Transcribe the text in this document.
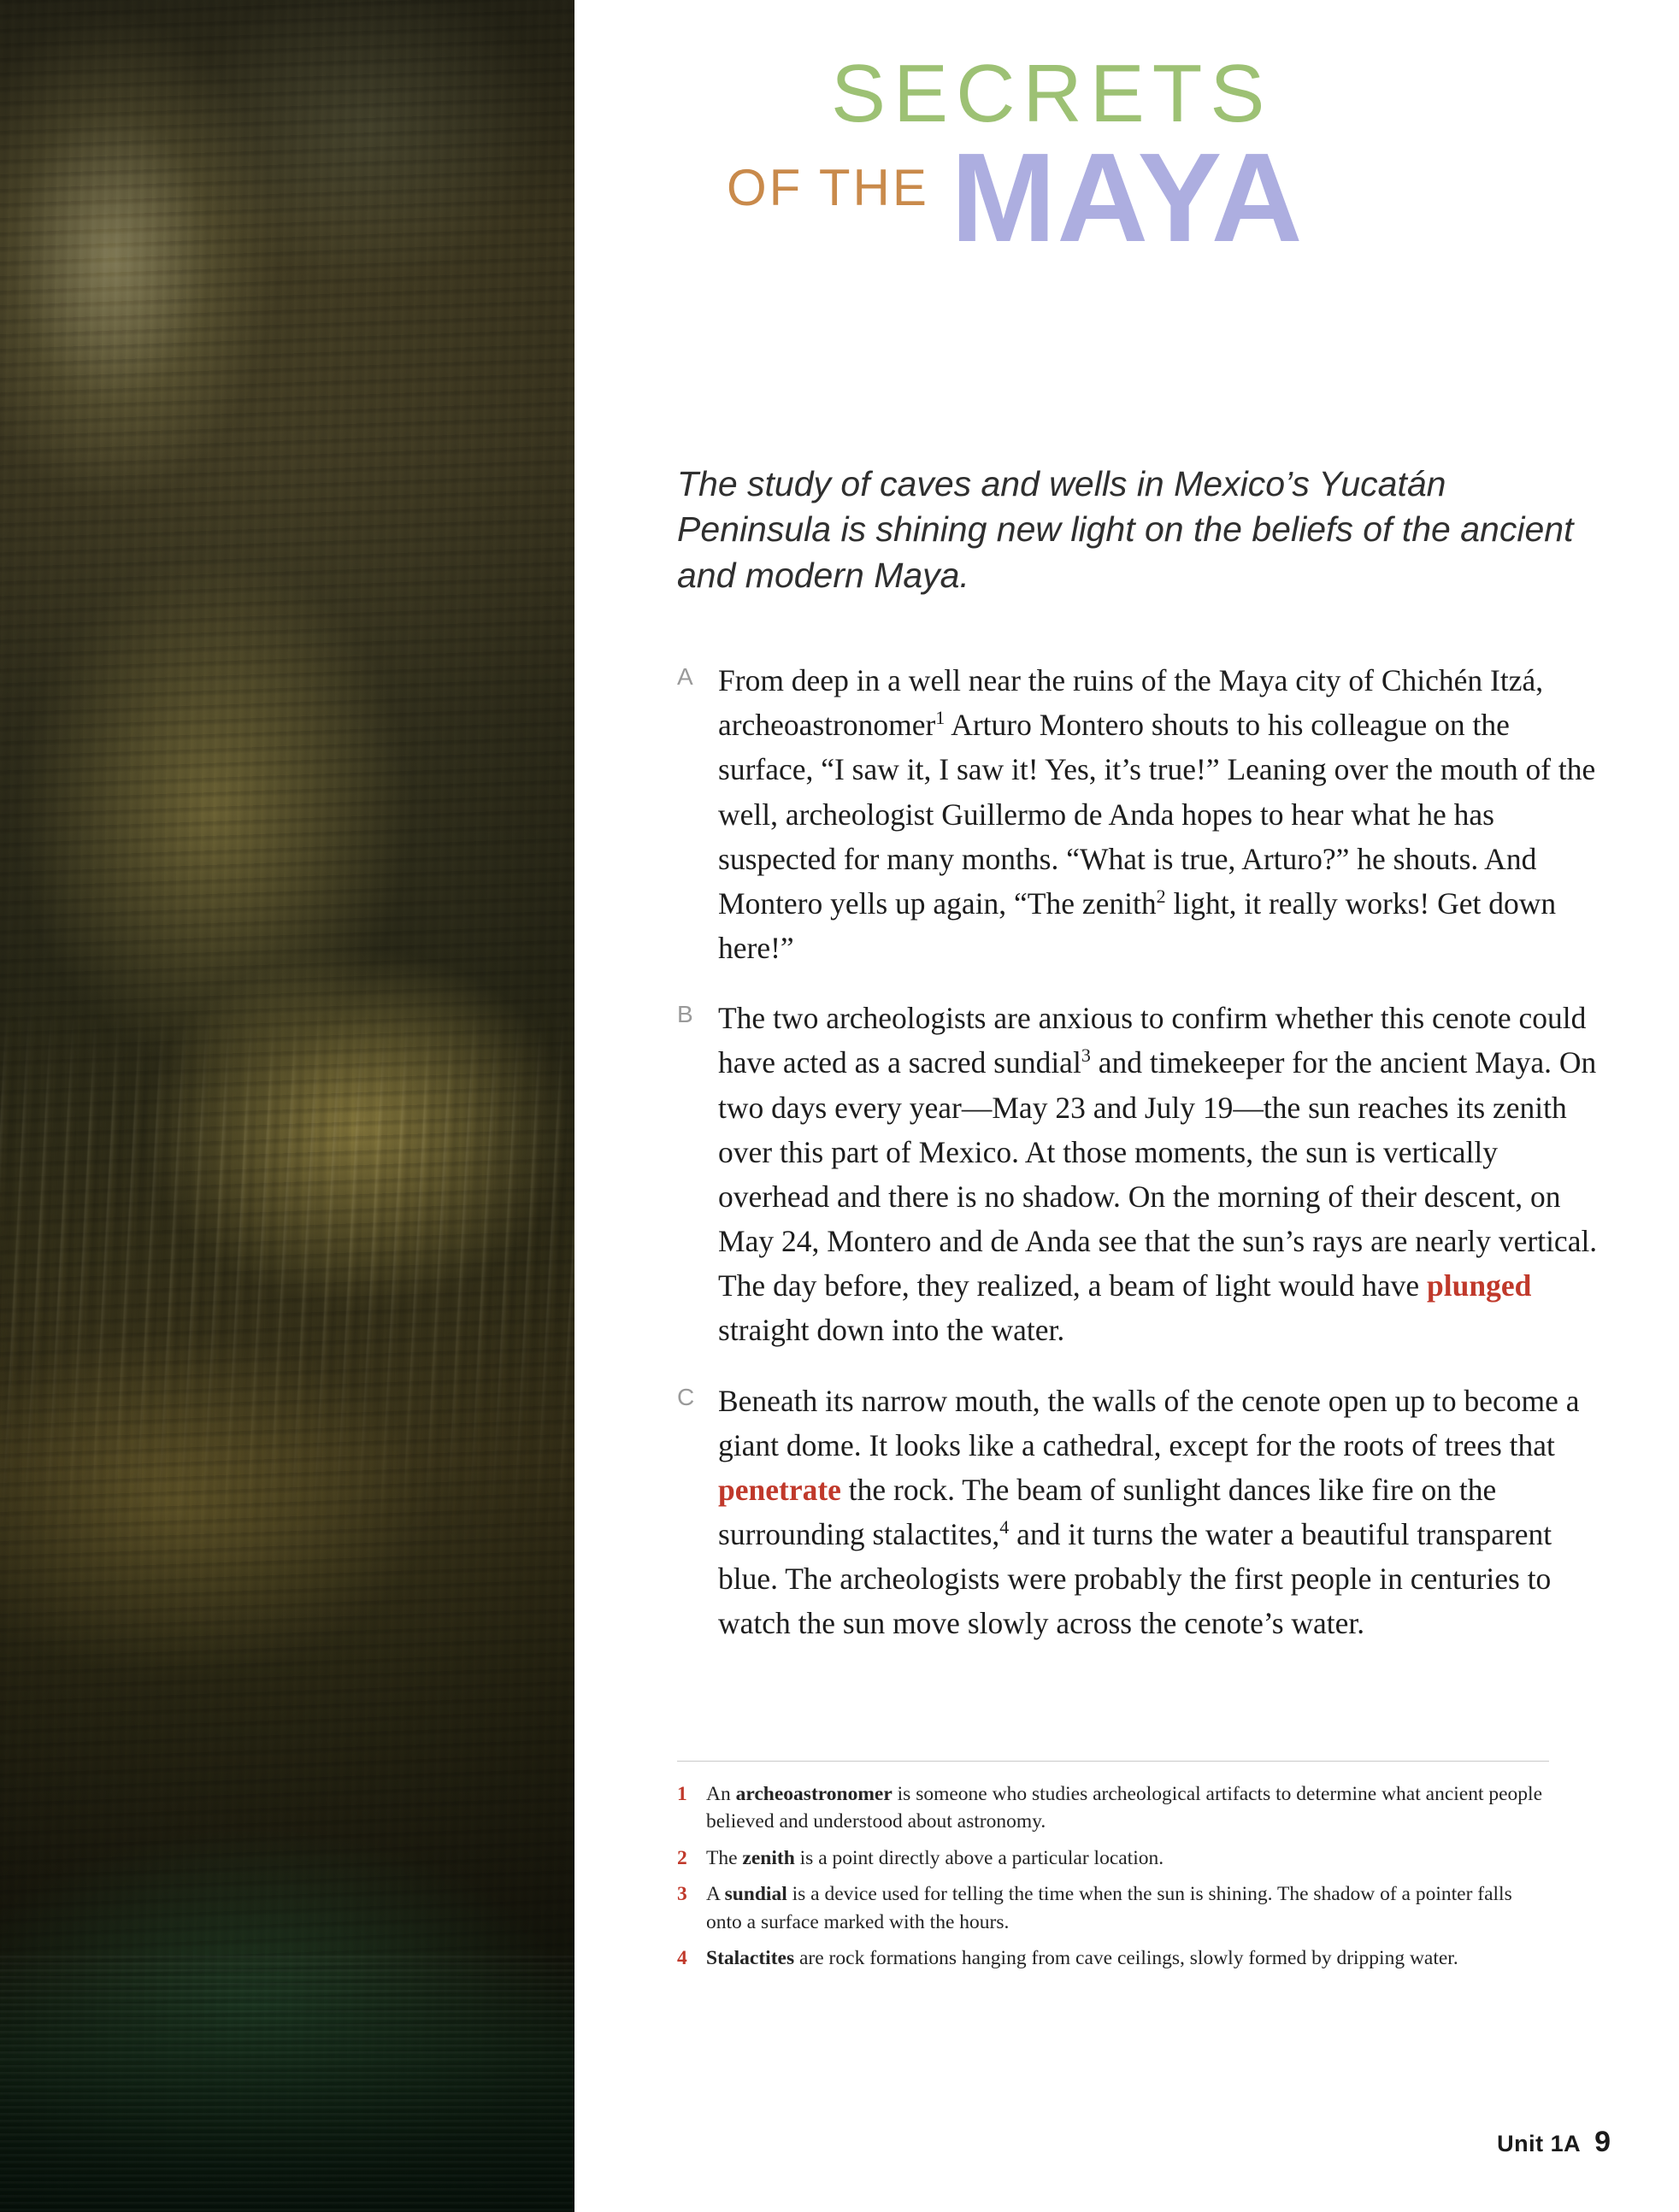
SECRETS
OF THE MAYA
The study of caves and wells in Mexico’s Yucatán Peninsula is shining new light on the beliefs of the ancient and modern Maya.
A From deep in a well near the ruins of the Maya city of Chichén Itzá, archeoastronomer$^1$ Arturo Montero shouts to his colleague on the surface, “I saw it, I saw it! Yes, it’s true!” Leaning over the mouth of the well, archeologist Guillermo de Anda hopes to hear what he has suspected for many months. “What is true, Arturo?” he shouts. And Montero yells up again, “The zenith$^2$ light, it really works! Get down here!”
B The two archeologists are anxious to confirm whether this cenote could have acted as a sacred sundial$^3$ and timekeeper for the ancient Maya. On two days every year—May 23 and July 19—the sun reaches its zenith over this part of Mexico. At those moments, the sun is vertically overhead and there is no shadow. On the morning of their descent, on May 24, Montero and de Anda see that the sun’s rays are nearly vertical. The day before, they realized, a beam of light would have plunged straight down into the water.
C Beneath its narrow mouth, the walls of the cenote open up to become a giant dome. It looks like a cathedral, except for the roots of trees that penetrate the rock. The beam of sunlight dances like fire on the surrounding stalactites,$^4$ and it turns the water a beautiful transparent blue. The archeologists were probably the first people in centuries to watch the sun move slowly across the cenote’s water.
1 An archeoastronomer is someone who studies archeological artifacts to determine what ancient people believed and understood about astronomy.
2 The zenith is a point directly above a particular location.
3 A sundial is a device used for telling the time when the sun is shining. The shadow of a pointer falls onto a surface marked with the hours.
4 Stalactites are rock formations hanging from cave ceilings, slowly formed by dripping water.
Unit 1A 9
